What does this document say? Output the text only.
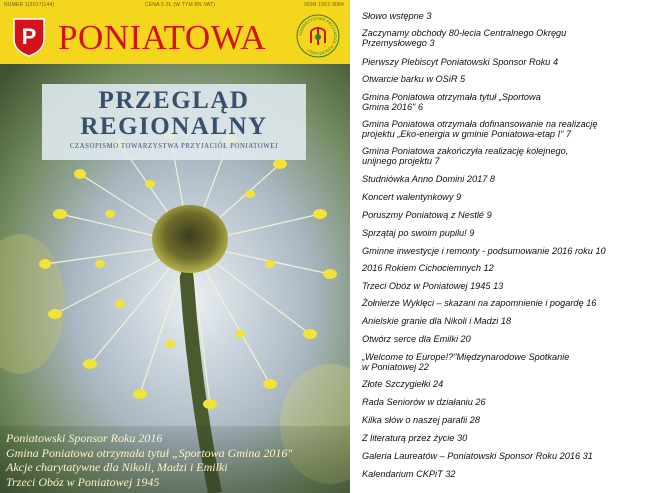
NUMER 1(2017)144)	CENA 5 ZŁ (W TYM 8% VAT)	ISSN 1507-3084
P PONIATOWA	TOWARZYSTWO PRZYJACIÓŁ PONIATOWEJ
PRZEGLĄD
REGIONALNY
CZASOPISMO TOWARZYSTWA PRZYJACIÓŁ PONIATOWEJ
Poniatowski Sponsor Roku 2016
Gmina Poniatowa otrzymała tytuł „Sportowa Gmina 2016"
Akcje charytatywne dla Nikoli, Madzi i Emilki
Trzeci Obóz w Poniatowej 1945
Słowo wstępne 3
Zaczynamy obchody 80-lecia Centralnego Okręgu
Przemysłowego 3
Pierwszy Plebiscyt Poniatowski Sponsor Roku 4
Otwarcie barku w OSiR 5
Gmina Poniatowa otrzymała tytuł „Sportowa
Gmina 2016" 6
Gmina Poniatowa otrzymała dofinansowanie na realizację
projektu „Eko-energia w gminie Poniatowa-etap I" 7
Gmina Poniatowa zakończyła realizację kolejnego,
unijnego projektu 7
Studniówka Anno Domini 2017 8
Koncert walentynkowy 9
Poruszmy Poniatową z Nestlé 9
Sprzątaj po swoim pupilu! 9
Gminne inwestycje i remonty - podsumowanie 2016 roku 10
2016 Rokiem Cichociemnych 12
Trzeci Obóz w Poniatowej 1945 13
Żołnierze Wyklęci – skazani na zapomnienie i pogardę 16
Anielskie granie dla Nikoli i Madzi 18
Otwórz serce dla Emilki 20
„Welcome to Europe!?"Międzynarodowe Spotkanie
w Poniatowej 22
Złote Szczygiełki 24
Rada Seniorów w działaniu 26
Kilka słów o naszej parafii 28
Z literaturą przez życie 30
Galeria Laureatów – Poniatowski Sponsor Roku 2016 31
Kalendarium CKPiT 32
